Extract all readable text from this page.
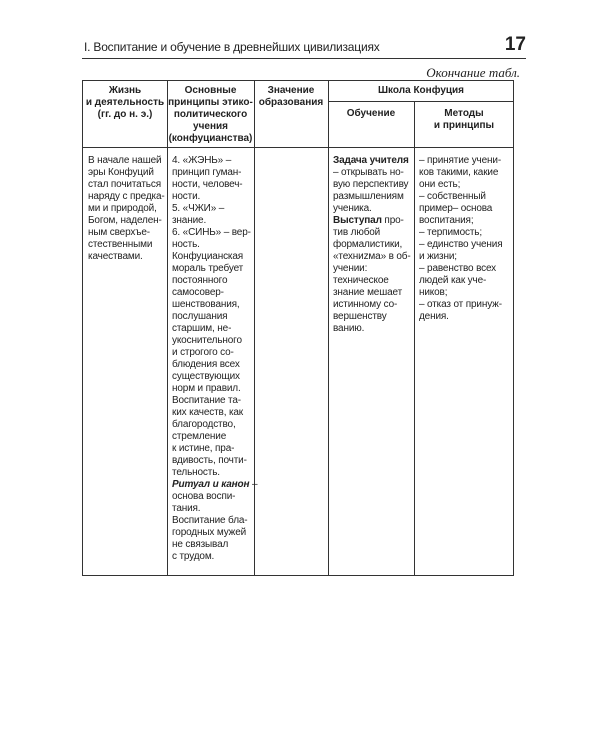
I. Воспитание и обучение в древнейших цивилизациях	17
Окончание табл.
Жизнь
и деятельность
(гг. до н. э.)
Основные
принципы этико-
политического
учения
(конфуцианства)
Значение
образования
Школа Конфуция
Обучение	Методы
и принципы
В начале нашей
эры Конфуций
стал почитаться
наряду с предка-
ми и природой,
Богом, наделен-
ным сверхъе-
стественными
качествами.
4. «ЖЭНЬ» –
принцип гуман-
ности, человеч-
ности.
5. «ЧЖИ» –
знание.
6. «СИНЬ» – вер-
ность.
Конфуцианская
мораль требует
постоянного
самосовер-
шенствования,
послушания
старшим, не-
укоснительного
и строгого со-
блюдения всех
существующих
норм и правил.
Воспитание та-
ких качеств, как
благородство,
стремление
к истине, пра-
вдивость, почти-
тельность.
Ритуал и канон –
основа воспи-
тания.
Воспитание бла-
городных мужей
не связывал
с трудом.
Задача учителя
– открывать но-
вую перспективу
размышлениям
ученика.
Выступал про-
тив любой
формалистики,
«техниzма» в об-
учении:
техническое
знание мешает
истинному со-
вершенству
ванию.
– принятие учени-
ков такими, какие
они есть;
– собственный
пример– основа
воспитания;
– терпимость;
– единство учения
и жизни;
– равенство всех
людей как уче-
ников;
– отказ от принуж-
дения.
